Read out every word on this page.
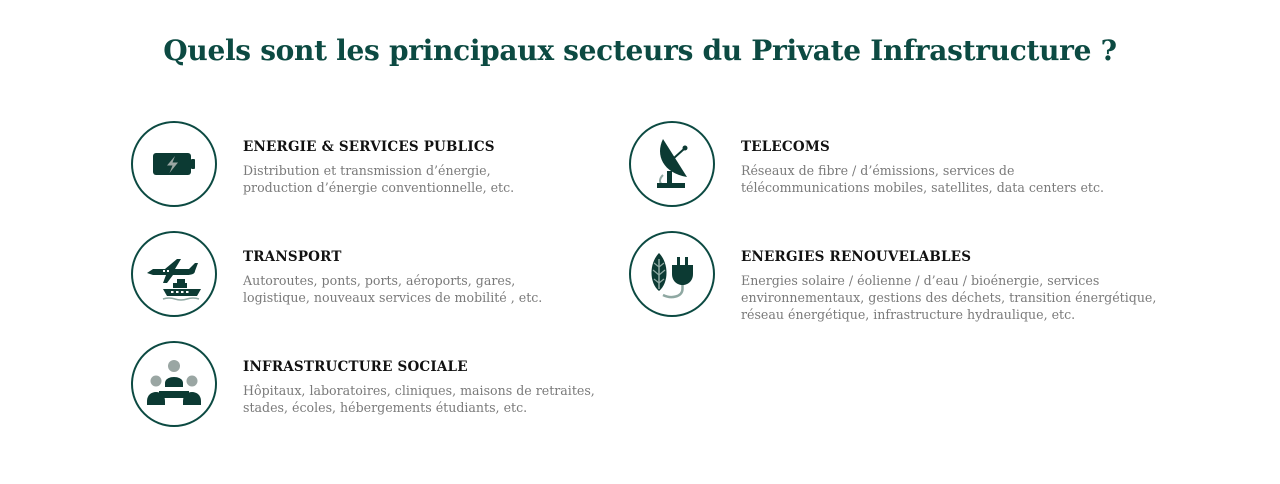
Quels sont les principaux secteurs du Private Infrastructure ?

ENERGIE & SERVICES PUBLICS

Distribution et transmission d’énergie,
production d’énergie conventionnelle, etc.

TELECOMS

Réseaux de fibre / d’émissions, services de
télécommunications mobiles, satellites, data centers etc.

TRANSPORT

Autoroutes, ponts, ports, aéroports, gares,
logistique, nouveaux services de mobilité , etc.

ENERGIES RENOUVELABLES

Energies solaire / éolienne / d’eau / bioénergie, services
environnementaux, gestions des déchets, transition énergétique,
réseau énergétique, infrastructure hydraulique, etc.

INFRASTRUCTURE SOCIALE

Hôpitaux, laboratoires, cliniques, maisons de retraites,
stades, écoles, hébergements étudiants, etc.
